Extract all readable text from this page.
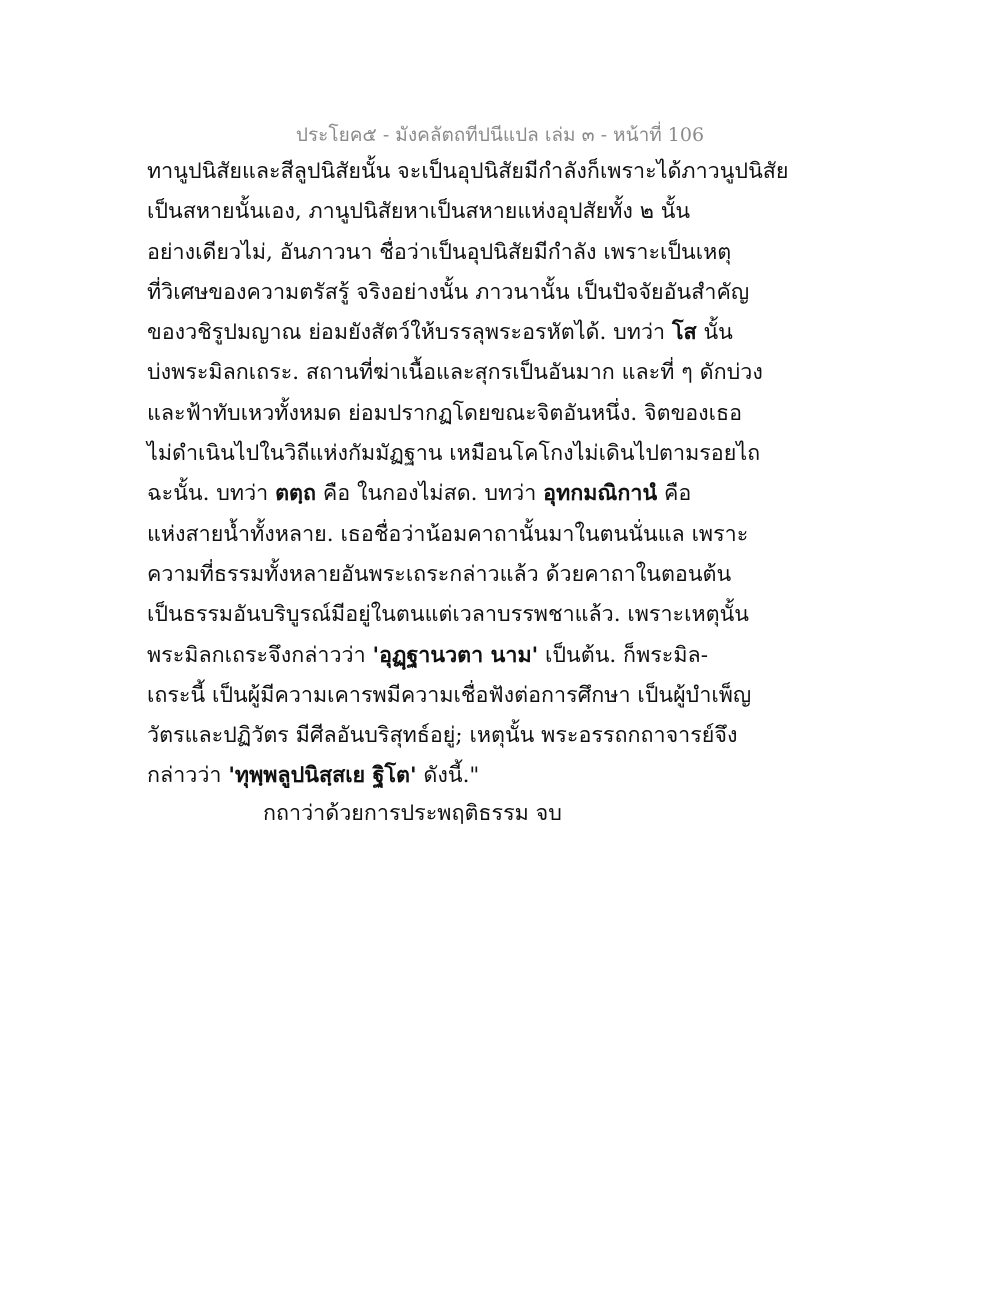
ประโยค๕ - มังคลัตถทีปนีแปล เล่ม ๓ - หน้าที่ 106
ทานูปนิสัยและสีลูปนิสัยนั้น จะเป็นอุปนิสัยมีกำลังก็เพราะได้ภาวนูปนิสัย
เป็นสหายนั้นเอง, ภานูปนิสัยหาเป็นสหายแห่งอุปสัยทั้ง ๒ นั้น
อย่างเดียวไม่, อันภาวนา ชื่อว่าเป็นอุปนิสัยมีกำลัง เพราะเป็นเหตุ
ที่วิเศษของความตรัสรู้ จริงอย่างนั้น ภาวนานั้น เป็นปัจจัยอันสำคัญ
ของวชิรูปมญาณ ย่อมยังสัตว์ให้บรรลุพระอรหัตได้. บทว่า โส นั้น
บ่งพระมิลกเถระ. สถานที่ฆ่าเนื้อและสุกรเป็นอันมาก และที่ ๆ ดักบ่วง
และฟ้าทับเหวทั้งหมด ย่อมปรากฏโดยขณะจิตอันหนึ่ง. จิตของเธอ
ไม่ดำเนินไปในวิถีแห่งกัมมัฏฐาน เหมือนโคโกงไม่เดินไปตามรอยไถ
ฉะนั้น. บทว่า ตตฺถ คือ ในกองไม่สด. บทว่า อุทกมณิกานํ คือ
แห่งสายน้ำทั้งหลาย. เธอชื่อว่าน้อมคาถานั้นมาในตนนั่นแล เพราะ
ความที่ธรรมทั้งหลายอันพระเถระกล่าวแล้ว ด้วยคาถาในตอนต้น
เป็นธรรมอันบริบูรณ์มีอยู่ในตนแต่เวลาบรรพชาแล้ว. เพราะเหตุนั้น
พระมิลกเถระจึงกล่าวว่า 'อุฏฺฐานวตา นาม' เป็นต้น. ก็พระมิล-
เถระนี้ เป็นผู้มีความเคารพมีความเชื่อฟังต่อการศึกษา เป็นผู้บำเพ็ญ
วัตรและปฏิวัตร มีศีลอันบริสุทธ์อยู่; เหตุนั้น พระอรรถกถาจารย์จึง
กล่าวว่า 'ทุพฺพลูปนิสฺสเย ฐิโต' ดังนี้."
กถาว่าด้วยการประพฤติธรรม จบ
